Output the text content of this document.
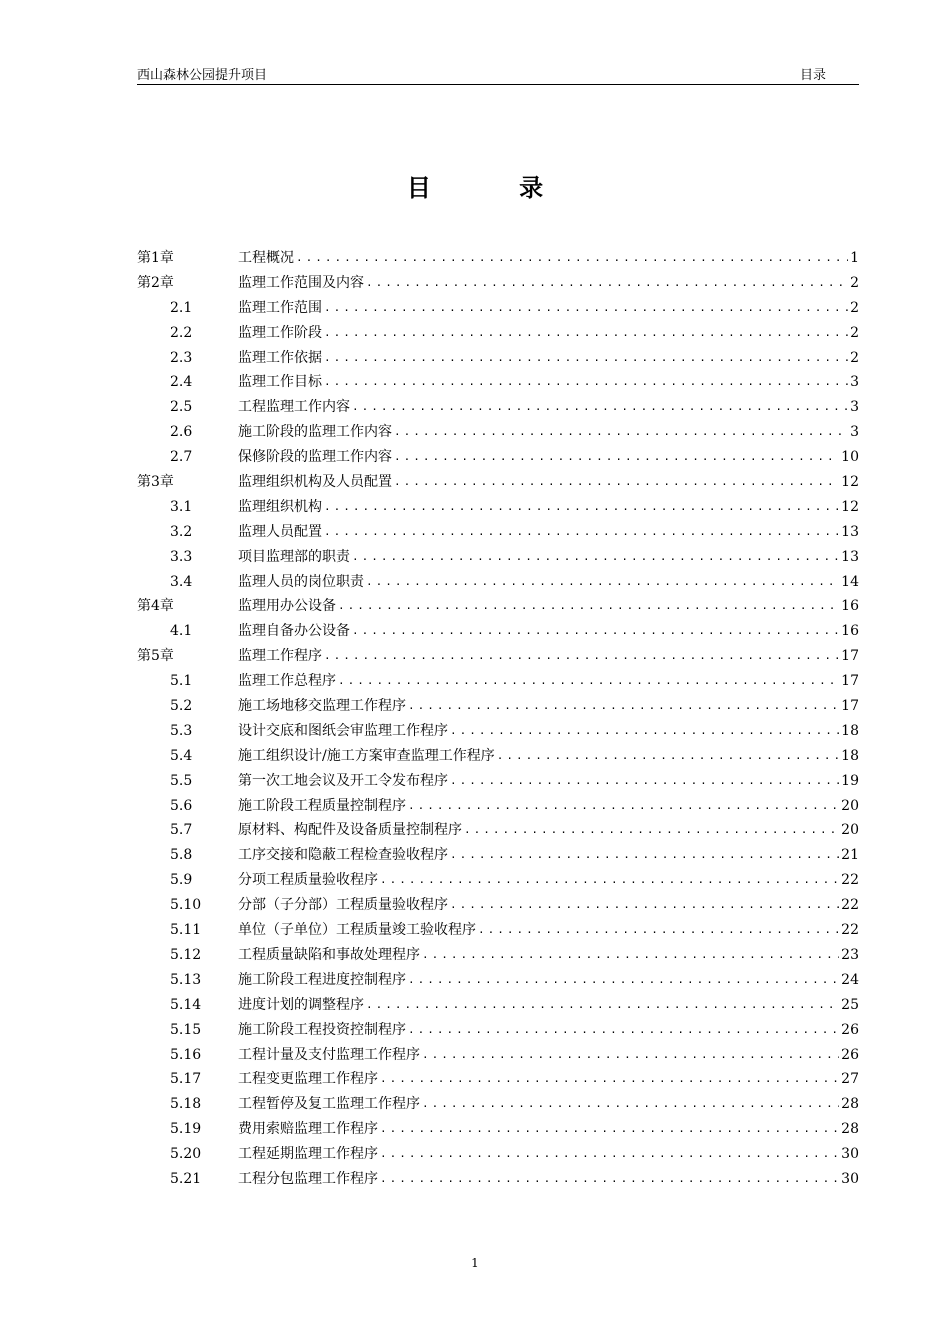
西山森林公园提升项目	目录
目 录
第1章	工程概况 .....	1
第2章	监理工作范围及内容 .....	2
2.1	监理工作范围 .....	2
2.2	监理工作阶段 .....	2
2.3	监理工作依据 .....	2
2.4	监理工作目标 .....	3
2.5	工程监理工作内容 .....	3
2.6	施工阶段的监理工作内容 .....	3
2.7	保修阶段的监理工作内容 .....	10
第3章	监理组织机构及人员配置 .....	12
3.1	监理组织机构 .....	12
3.2	监理人员配置 .....	13
3.3	项目监理部的职责 .....	13
3.4	监理人员的岗位职责 .....	14
第4章	监理用办公设备 .....	16
4.1	监理自备办公设备 .....	16
第5章	监理工作程序 .....	17
5.1	监理工作总程序 .....	17
5.2	施工场地移交监理工作程序 .....	17
5.3	设计交底和图纸会审监理工作程序 .....	18
5.4	施工组织设计/施工方案审查监理工作程序 .....	18
5.5	第一次工地会议及开工令发布程序 .....	19
5.6	施工阶段工程质量控制程序 .....	20
5.7	原材料、构配件及设备质量控制程序 .....	20
5.8	工序交接和隐蔽工程检查验收程序 .....	21
5.9	分项工程质量验收程序 .....	22
5.10	分部（子分部）工程质量验收程序 .....	22
5.11	单位（子单位）工程质量竣工验收程序 .....	22
5.12	工程质量缺陷和事故处理程序 .....	23
5.13	施工阶段工程进度控制程序 .....	24
5.14	进度计划的调整程序 .....	25
5.15	施工阶段工程投资控制程序 .....	26
5.16	工程计量及支付监理工作程序 .....	26
5.17	工程变更监理工作程序 .....	27
5.18	工程暂停及复工监理工作程序 .....	28
5.19	费用索赔监理工作程序 .....	28
5.20	工程延期监理工作程序 .....	30
5.21	工程分包监理工作程序 .....	30
1
